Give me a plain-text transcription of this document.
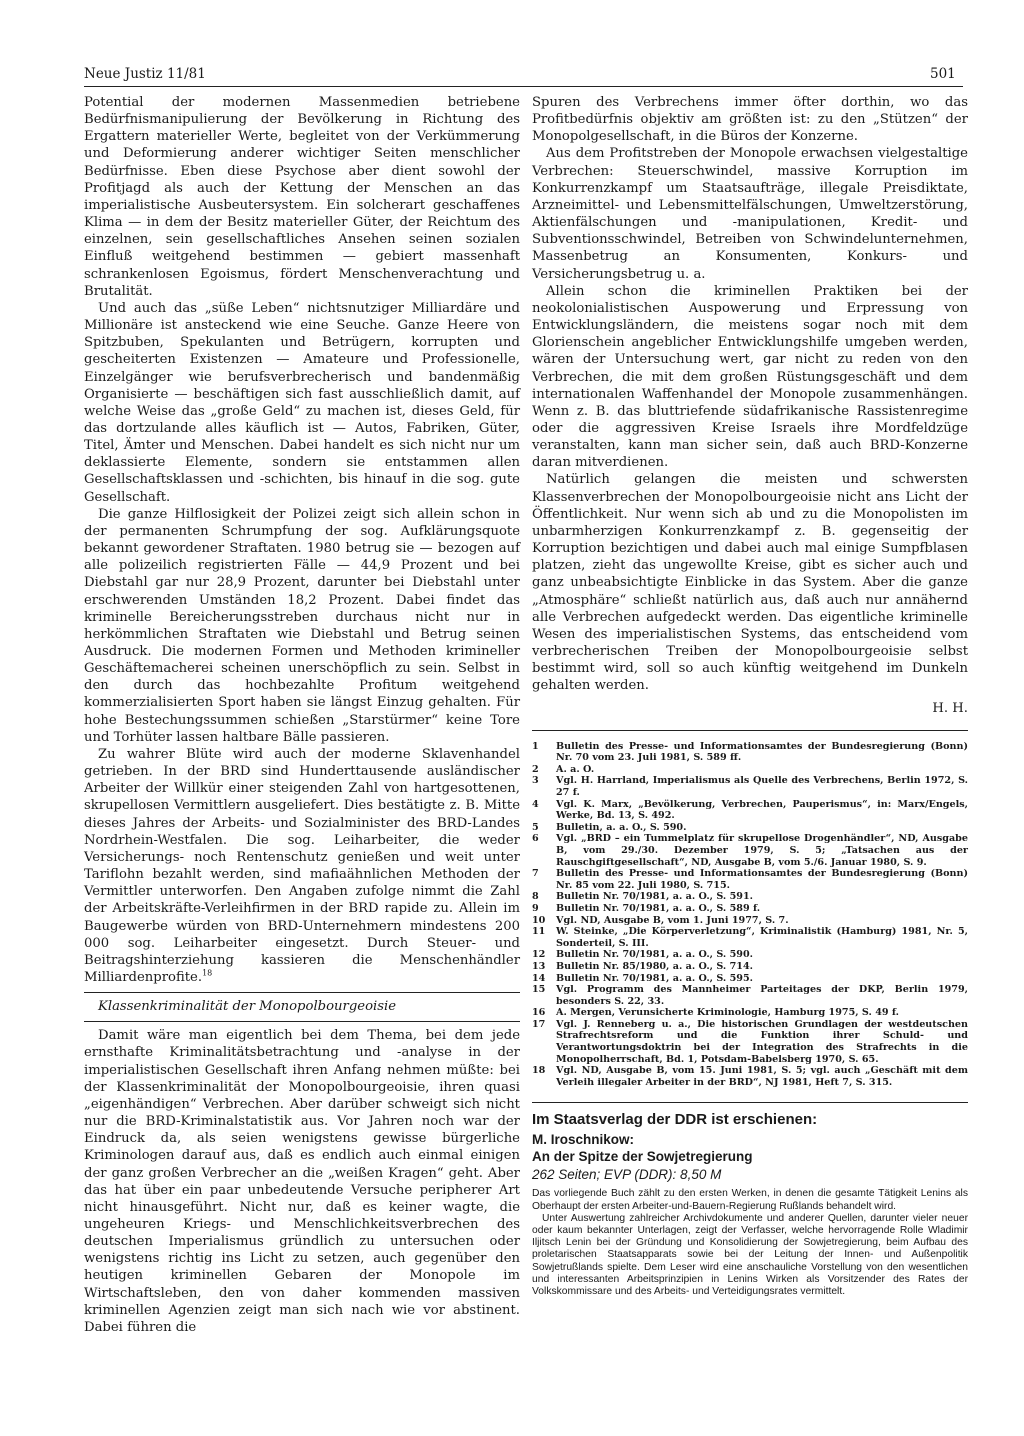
Neue Justiz 11/81	501

Potential der modernen Massenmedien betriebene Bedürfnismanipulierung der Bevölkerung in Richtung des Ergattern materieller Werte, begleitet von der Verkümmerung und Deformierung anderer wichtiger Seiten menschlicher Bedürfnisse. Eben diese Psychose aber dient sowohl der Profitjagd als auch der Kettung der Menschen an das imperialistische Ausbeutersystem. Ein solcherart geschaffenes Klima — in dem der Besitz materieller Güter, der Reichtum des einzelnen, sein gesellschaftliches Ansehen seinen sozialen Einfluß weitgehend bestimmen — gebiert massenhaft schrankenlosen Egoismus, fördert Menschenverachtung und Brutalität.

Und auch das „süße Leben“ nichtsnutziger Milliardäre und Millionäre ist ansteckend wie eine Seuche. Ganze Heere von Spitzbuben, Spekulanten und Betrügern, korrupten und gescheiterten Existenzen — Amateure und Professionelle, Einzelgänger wie berufsverbrecherisch und bandenmäßig Organisierte — beschäftigen sich fast ausschließlich damit, auf welche Weise das „große Geld“ zu machen ist, dieses Geld, für das dortzulande alles käuflich ist — Autos, Fabriken, Güter, Titel, Ämter und Menschen. Dabei handelt es sich nicht nur um deklassierte Elemente, sondern sie entstammen allen Gesellschaftsklassen und -schichten, bis hinauf in die sog. gute Gesellschaft.

Die ganze Hilflosigkeit der Polizei zeigt sich allein schon in der permanenten Schrumpfung der sog. Aufklärungsquote bekannt gewordener Straftaten. 1980 betrug sie — bezogen auf alle polizeilich registrierten Fälle — 44,9 Prozent und bei Diebstahl gar nur 28,9 Prozent, darunter bei Diebstahl unter erschwerenden Umständen 18,2 Prozent. Dabei findet das kriminelle Bereicherungsstreben durchaus nicht nur in herkömmlichen Straftaten wie Diebstahl und Betrug seinen Ausdruck. Die modernen Formen und Methoden krimineller Geschäftemacherei scheinen unerschöpflich zu sein. Selbst in den durch das hochbezahlte Profitum weitgehend kommerzialisierten Sport haben sie längst Einzug gehalten. Für hohe Bestechungssummen schießen „Starstürmer“ keine Tore und Torhüter lassen haltbare Bälle passieren.

Zu wahrer Blüte wird auch der moderne Sklavenhandel getrieben. In der BRD sind Hunderttausende ausländischer Arbeiter der Willkür einer steigenden Zahl von hartgesottenen, skrupellosen Vermittlern ausgeliefert. Dies bestätigte z. B. Mitte dieses Jahres der Arbeits- und Sozialminister des BRD-Landes Nordrhein-Westfalen. Die sog. Leiharbeiter, die weder Versicherungs- noch Rentenschutz genießen und weit unter Tariflohn bezahlt werden, sind mafiaähnlichen Methoden der Vermittler unterworfen. Den Angaben zufolge nimmt die Zahl der Arbeitskräfte-Verleihfirmen in der BRD rapide zu. Allein im Baugewerbe würden von BRD-Unternehmern mindestens 200 000 sog. Leiharbeiter eingesetzt. Durch Steuer- und Beitragshinterziehung kassieren die Menschenhändler Milliardenprofite.$^{18}$

Klassenkriminalität der Monopolbourgeoisie

Damit wäre man eigentlich bei dem Thema, bei dem jede ernsthafte Kriminalitätsbetrachtung und -analyse in der imperialistischen Gesellschaft ihren Anfang nehmen müßte: bei der Klassenkriminalität der Monopolbourgeoisie, ihren quasi „eigenhändigen“ Verbrechen. Aber darüber schweigt sich nicht nur die BRD-Kriminalstatistik aus. Vor Jahren noch war der Eindruck da, als seien wenigstens gewisse bürgerliche Kriminologen darauf aus, daß es endlich auch einmal einigen der ganz großen Verbrecher an die „weißen Kragen“ geht. Aber das hat über ein paar unbedeutende Versuche peripherer Art nicht hinausgeführt. Nicht nur, daß es keiner wagte, die ungeheuren Kriegs- und Menschlichkeitsverbrechen des deutschen Imperialismus gründlich zu untersuchen oder wenigstens richtig ins Licht zu setzen, auch gegenüber den heutigen kriminellen Gebaren der Monopole im Wirtschaftsleben, den von daher kommenden massiven kriminellen Agenzien zeigt man sich nach wie vor abstinent. Dabei führen die

Spuren des Verbrechens immer öfter dorthin, wo das Profitbedürfnis objektiv am größten ist: zu den „Stützen“ der Monopolgesellschaft, in die Büros der Konzerne.

Aus dem Profitstreben der Monopole erwachsen vielgestaltige Verbrechen: Steuerschwindel, massive Korruption im Konkurrenzkampf um Staatsaufträge, illegale Preisdiktate, Arzneimittel- und Lebensmittelfälschungen, Umweltzerstörung, Aktienfälschungen und -manipulationen, Kredit- und Subventionsschwindel, Betreiben von Schwindelunternehmen, Massenbetrug an Konsumenten, Konkurs- und Versicherungsbetrug u. a.

Allein schon die kriminellen Praktiken bei der neokolonialistischen Auspowerung und Erpressung von Entwicklungsländern, die meistens sogar noch mit dem Glorienschein angeblicher Entwicklungshilfe umgeben werden, wären der Untersuchung wert, gar nicht zu reden von den Verbrechen, die mit dem großen Rüstungsgeschäft und dem internationalen Waffenhandel der Monopole zusammenhängen. Wenn z. B. das bluttriefende südafrikanische Rassistenregime oder die aggressiven Kreise Israels ihre Mordfeldzüge veranstalten, kann man sicher sein, daß auch BRD-Konzerne daran mitverdienen.

Natürlich gelangen die meisten und schwersten Klassenverbrechen der Monopolbourgeoisie nicht ans Licht der Öffentlichkeit. Nur wenn sich ab und zu die Monopolisten im unbarmherzigen Konkurrenzkampf z. B. gegenseitig der Korruption bezichtigen und dabei auch mal einige Sumpfblasen platzen, zieht das ungewollte Kreise, gibt es sicher auch und ganz unbeabsichtigte Einblicke in das System. Aber die ganze „Atmosphäre“ schließt natürlich aus, daß auch nur annähernd alle Verbrechen aufgedeckt werden. Das eigentliche kriminelle Wesen des imperialistischen Systems, das entscheidend vom verbrecherischen Treiben der Monopolbourgeoisie selbst bestimmt wird, soll so auch künftig weitgehend im Dunkeln gehalten werden.

H. H.
1	Bulletin des Presse- und Informationsamtes der Bundesregierung (Bonn) Nr. 70 vom 23. Juli 1981, S. 589 ff.
2	A. a. O.
3	Vgl. H. Harrland, Imperialismus als Quelle des Verbrechens, Berlin 1972, S. 27 f.
4	Vgl. K. Marx, „Bevölkerung, Verbrechen, Pauperismus“, in: Marx/Engels, Werke, Bd. 13, S. 492.
5	Bulletin, a. a. O., S. 590.
6	Vgl. „BRD – ein Tummelplatz für skrupellose Drogenhändler“, ND, Ausgabe B, vom 29./30. Dezember 1979, S. 5; „Tatsachen aus der Rauschgiftgesellschaft“, ND, Ausgabe B, vom 5./6. Januar 1980, S. 9.
7	Bulletin des Presse- und Informationsamtes der Bundesregierung (Bonn) Nr. 85 vom 22. Juli 1980, S. 715.
8	Bulletin Nr. 70/1981, a. a. O., S. 591.
9	Bulletin Nr. 70/1981, a. a. O., S. 589 f.
10	Vgl. ND, Ausgabe B, vom 1. Juni 1977, S. 7.
11	W. Steinke, „Die Körperverletzung“, Kriminalistik (Hamburg) 1981, Nr. 5, Sonderteil, S. III.
12	Bulletin Nr. 70/1981, a. a. O., S. 590.
13	Bulletin Nr. 85/1980, a. a. O., S. 714.
14	Bulletin Nr. 70/1981, a. a. O., S. 595.
15	Vgl. Programm des Mannheimer Parteitages der DKP, Berlin 1979, besonders S. 22, 33.
16	A. Mergen, Verunsicherte Kriminologie, Hamburg 1975, S. 49 f.
17	Vgl. J. Renneberg u. a., Die historischen Grundlagen der westdeutschen Strafrechtsreform und die Funktion ihrer Schuld- und Verantwortungsdoktrin bei der Integration des Strafrechts in die Monopolherrschaft, Bd. 1, Potsdam-Babelsberg 1970, S. 65.
18	Vgl. ND, Ausgabe B, vom 15. Juni 1981, S. 5; vgl. auch „Geschäft mit dem Verleih illegaler Arbeiter in der BRD“, NJ 1981, Heft 7, S. 315.
Im Staatsverlag der DDR ist erschienen:
M. Iroschnikow:
An der Spitze der Sowjetregierung
262 Seiten; EVP (DDR): 8,50 M

Das vorliegende Buch zählt zu den ersten Werken, in denen die gesamte Tätigkeit Lenins als Oberhaupt der ersten Arbeiter-und-Bauern-Regierung Rußlands behandelt wird.

Unter Auswertung zahlreicher Archivdokumente und anderer Quellen, darunter vieler neuer oder kaum bekannter Unterlagen, zeigt der Verfasser, welche hervorragende Rolle Wladimir Iljitsch Lenin bei der Gründung und Konsolidierung der Sowjetregierung, beim Aufbau des proletarischen Staatsapparats sowie bei der Leitung der Innen- und Außenpolitik Sowjetrußlands spielte. Dem Leser wird eine anschauliche Vorstellung von den wesentlichen und interessanten Arbeitsprinzipien in Lenins Wirken als Vorsitzender des Rates der Volkskommissare und des Arbeits- und Verteidigungsrates vermittelt.
